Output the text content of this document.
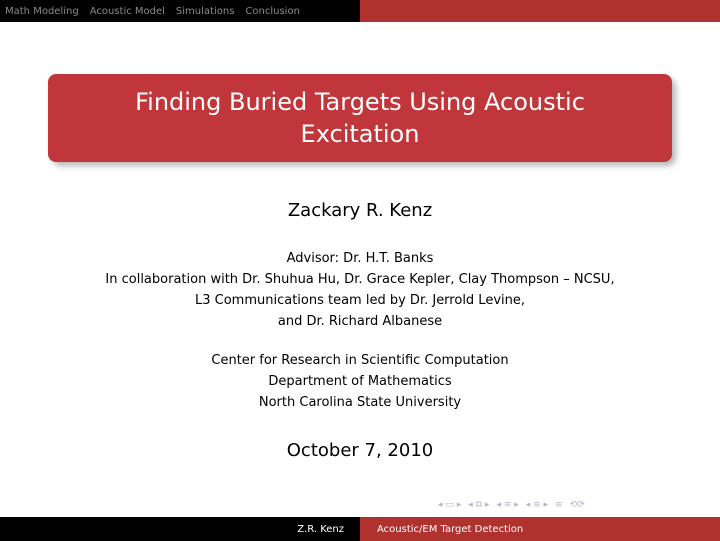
Math Modeling Acoustic Model Simulations Conclusion
Finding Buried Targets Using Acoustic
Excitation
Zackary R. Kenz
Advisor: Dr. H.T. Banks
In collaboration with Dr. Shuhua Hu, Dr. Grace Kepler, Clay Thompson – NCSU,
L3 Communications team led by Dr. Jerrold Levine,
and Dr. Richard Albanese
Center for Research in Scientific Computation
Department of Mathematics
North Carolina State University
October 7, 2010
◂ ▭ ▸ ◂ ⧉ ▸ ◂ ≡ ▸ ◂ ≡ ▸ ≡ ⟲⟳
Z.R. Kenz	Acoustic/EM Target Detection
